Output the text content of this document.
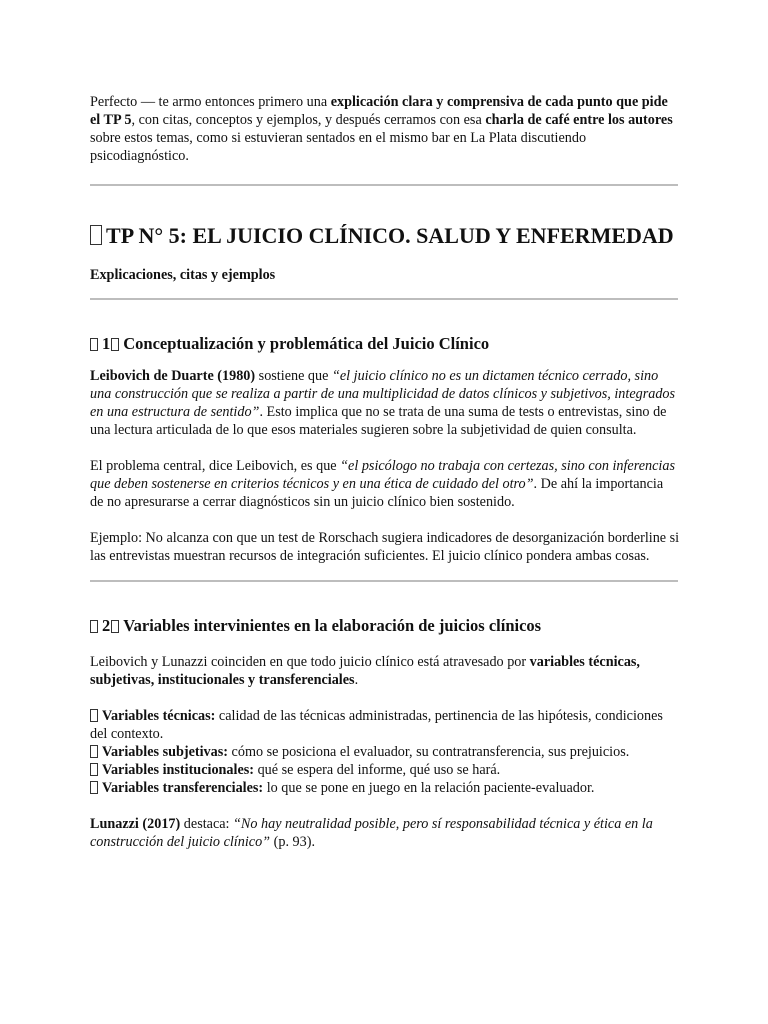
Perfecto — te armo entonces primero una explicación clara y comprensiva de cada punto que pide el TP 5, con citas, conceptos y ejemplos, y después cerramos con esa charla de café entre los autores sobre estos temas, como si estuvieran sentados en el mismo bar en La Plata discutiendo psicodiagnóstico.

TP N° 5: EL JUICIO CLÍNICO. SALUD Y ENFERMEDAD
Explicaciones, citas y ejemplos
1 Conceptualización y problemática del Juicio Clínico

Leibovich de Duarte (1980) sostiene que “el juicio clínico no es un dictamen técnico cerrado, sino una construcción que se realiza a partir de una multiplicidad de datos clínicos y subjetivos, integrados en una estructura de sentido”. Esto implica que no se trata de una suma de tests o entrevistas, sino de una lectura articulada de lo que esos materiales sugieren sobre la subjetividad de quien consulta.

El problema central, dice Leibovich, es que “el psicólogo no trabaja con certezas, sino con inferencias que deben sostenerse en criterios técnicos y en una ética de cuidado del otro”. De ahí la importancia de no apresurarse a cerrar diagnósticos sin un juicio clínico bien sostenido.

Ejemplo: No alcanza con que un test de Rorschach sugiera indicadores de desorganización borderline si las entrevistas muestran recursos de integración suficientes. El juicio clínico pondera ambas cosas.

2 Variables intervinientes en la elaboración de juicios clínicos

Leibovich y Lunazzi coinciden en que todo juicio clínico está atravesado por variables técnicas, subjetivas, institucionales y transferenciales.

Variables técnicas: calidad de las técnicas administradas, pertinencia de las hipótesis, condiciones del contexto.
Variables subjetivas: cómo se posiciona el evaluador, su contratransferencia, sus prejuicios.
Variables institucionales: qué se espera del informe, qué uso se hará.
Variables transferenciales: lo que se pone en juego en la relación paciente-evaluador.

Lunazzi (2017) destaca: “No hay neutralidad posible, pero sí responsabilidad técnica y ética en la construcción del juicio clínico” (p. 93).
